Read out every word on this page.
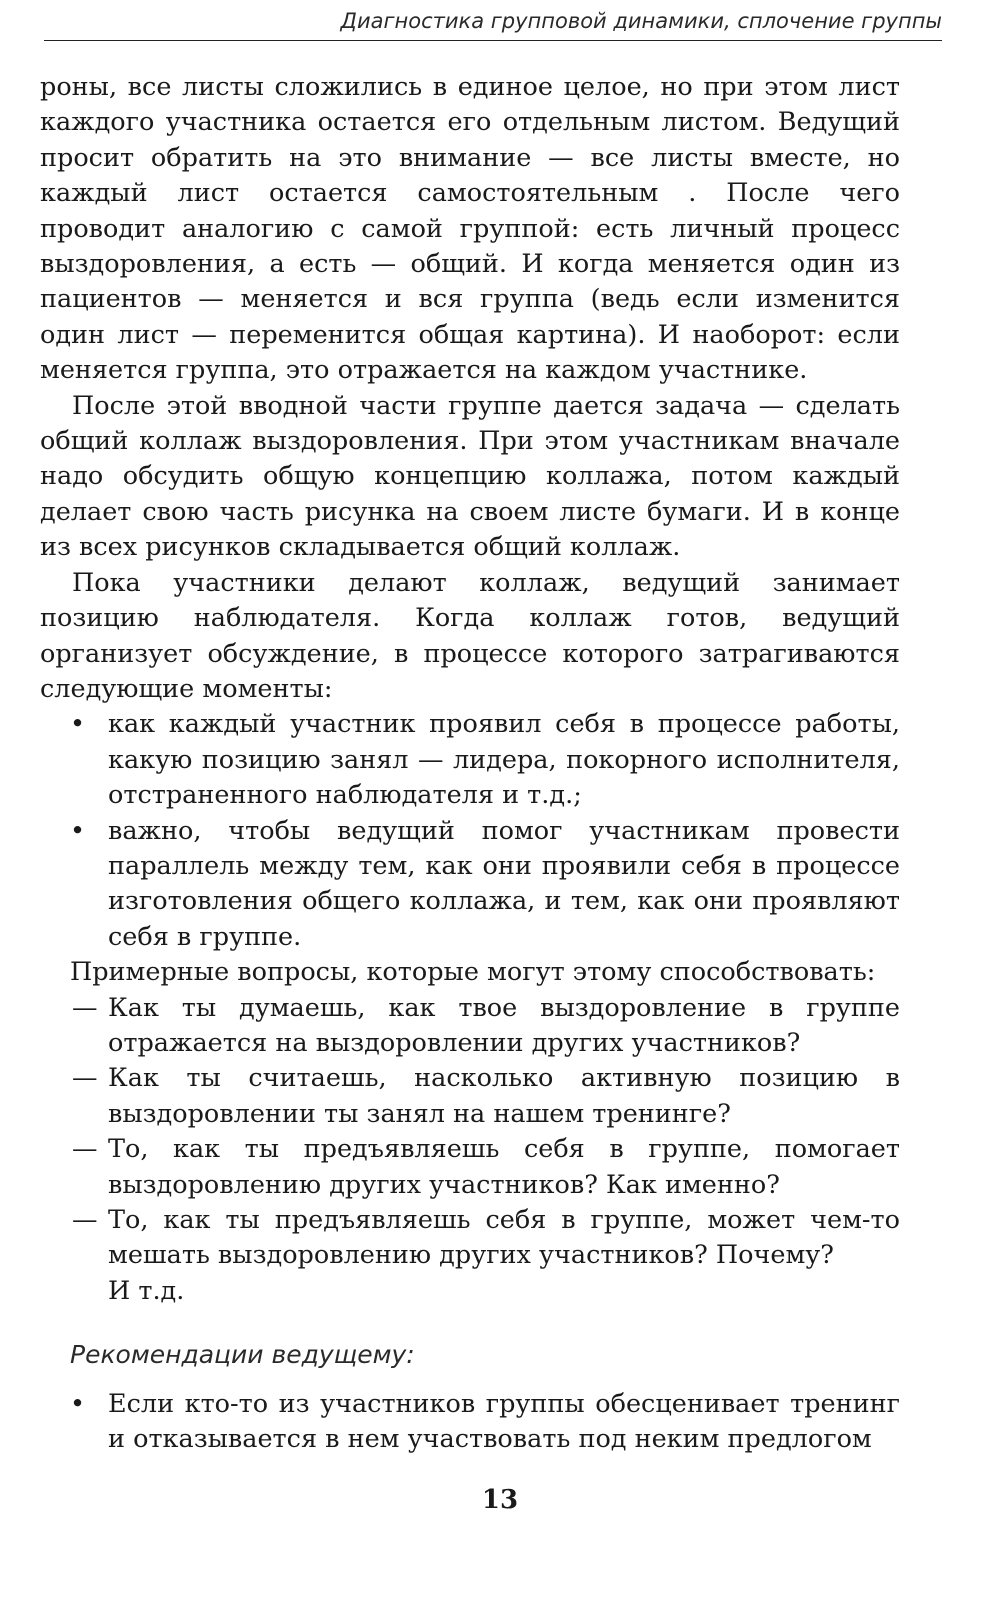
Диагностика групповой динамики, сплочение группы

роны, все листы сложились в единое целое, но при этом лист каждого участника остается его отдельным листом. Ведущий просит обратить на это внимание — все листы вместе, но каждый лист остается самостоятельным . После чего проводит аналогию с самой группой: есть личный процесс выздоровления, а есть — общий. И когда меняется один из пациентов — меняется и вся группа (ведь если изменится один лист — переменится общая картина). И наоборот: если меняется группа, это отражается на каждом участнике.

После этой вводной части группе дается задача — сделать общий коллаж выздоровления. При этом участникам вначале надо обсудить общую концепцию коллажа, потом каждый делает свою часть рисунка на своем листе бумаги. И в конце из всех рисунков складывается общий коллаж.

Пока участники делают коллаж, ведущий занимает позицию наблюдателя. Когда коллаж готов, ведущий организует обсуждение, в процессе которого затрагиваются следующие моменты:

• как каждый участник проявил себя в процессе работы, какую позицию занял — лидера, покорного исполнителя, отстраненного наблюдателя и т.д.;
• важно, чтобы ведущий помог участникам провести параллель между тем, как они проявили себя в процессе изготовления общего коллажа, и тем, как они проявляют себя в группе.

Примерные вопросы, которые могут этому способствовать:

— Как ты думаешь, как твое выздоровление в группе отражается на выздоровлении других участников?
— Как ты считаешь, насколько активную позицию в выздоровлении ты занял на нашем тренинге?
— То, как ты предъявляешь себя в группе, помогает выздоровлению других участников? Как именно?
— То, как ты предъявляешь себя в группе, может чем-то мешать выздоровлению других участников? Почему?

И т.д.

Рекомендации ведущему:

• Если кто-то из участников группы обесценивает тренинг и отказывается в нем участвовать под неким предлогом
13
